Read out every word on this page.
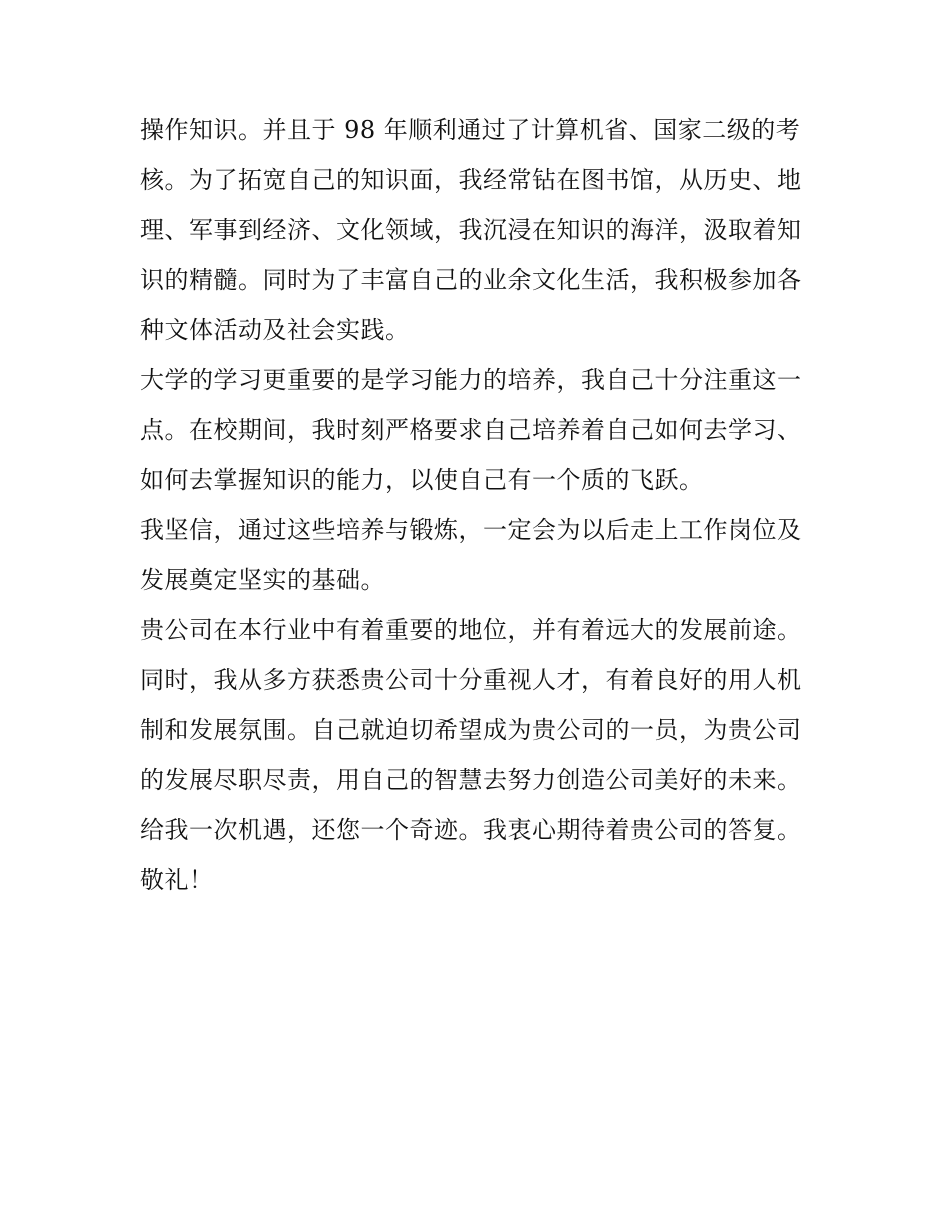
操作知识。并且于 98 年顺利通过了计算机省、国家二级的考
核。为了拓宽自己的知识面，我经常钻在图书馆，从历史、地
理、军事到经济、文化领域，我沉浸在知识的海洋，汲取着知
识的精髓。同时为了丰富自己的业余文化生活，我积极参加各
种文体活动及社会实践。
大学的学习更重要的是学习能力的培养，我自己十分注重这一
点。在校期间，我时刻严格要求自己培养着自己如何去学习、
如何去掌握知识的能力，以使自己有一个质的飞跃。
我坚信，通过这些培养与锻炼，一定会为以后走上工作岗位及
发展奠定坚实的基础。
贵公司在本行业中有着重要的地位，并有着远大的发展前途。
同时，我从多方获悉贵公司十分重视人才，有着良好的用人机
制和发展氛围。自己就迫切希望成为贵公司的一员，为贵公司
的发展尽职尽责，用自己的智慧去努力创造公司美好的未来。
给我一次机遇，还您一个奇迹。我衷心期待着贵公司的答复。
敬礼！
